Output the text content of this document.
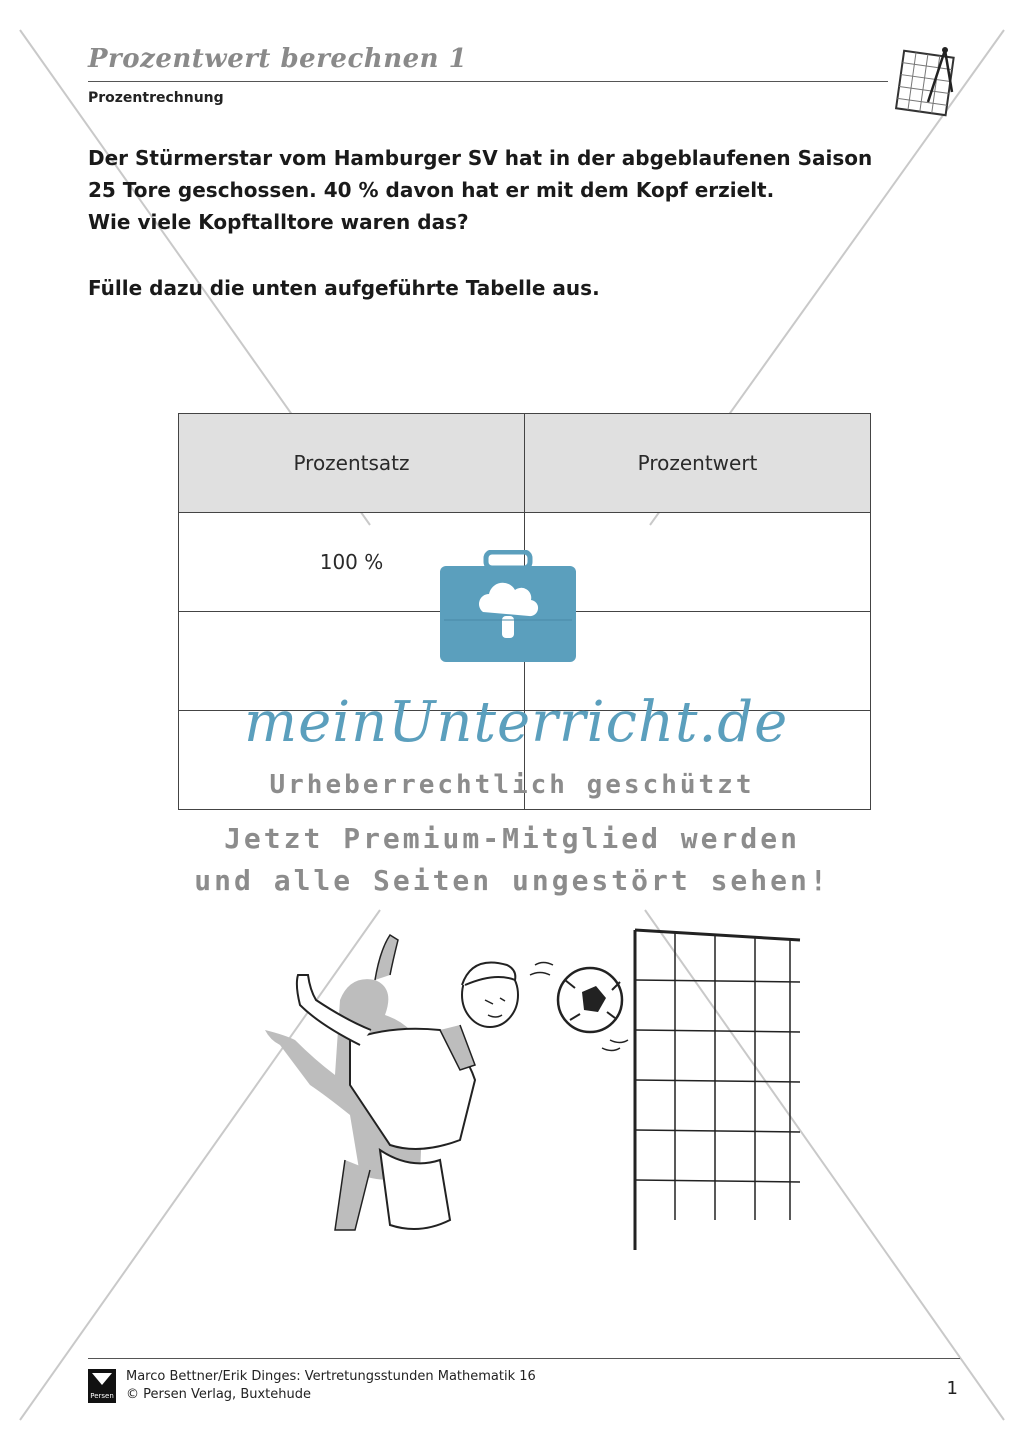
Prozentwert berechnen 1
Prozentrechnung
Der Stürmerstar vom Hamburger SV hat in der abgeblaufenen Saison
25 Tore geschossen. 40 % davon hat er mit dem Kopf erzielt.
Wie viele Kopftalltore waren das?
Fülle dazu die unten aufgeführte Tabelle aus.
Prozentsatz	Prozentwert
100 %	

meinUnterricht.de
Urheberrechtlich geschützt
Jetzt Premium-Mitglied werden
und alle Seiten ungestört sehen!
Persen
Marco Bettner/Erik Dinges: Vertretungsstunden Mathematik 16
© Persen Verlag, Buxtehude	1
